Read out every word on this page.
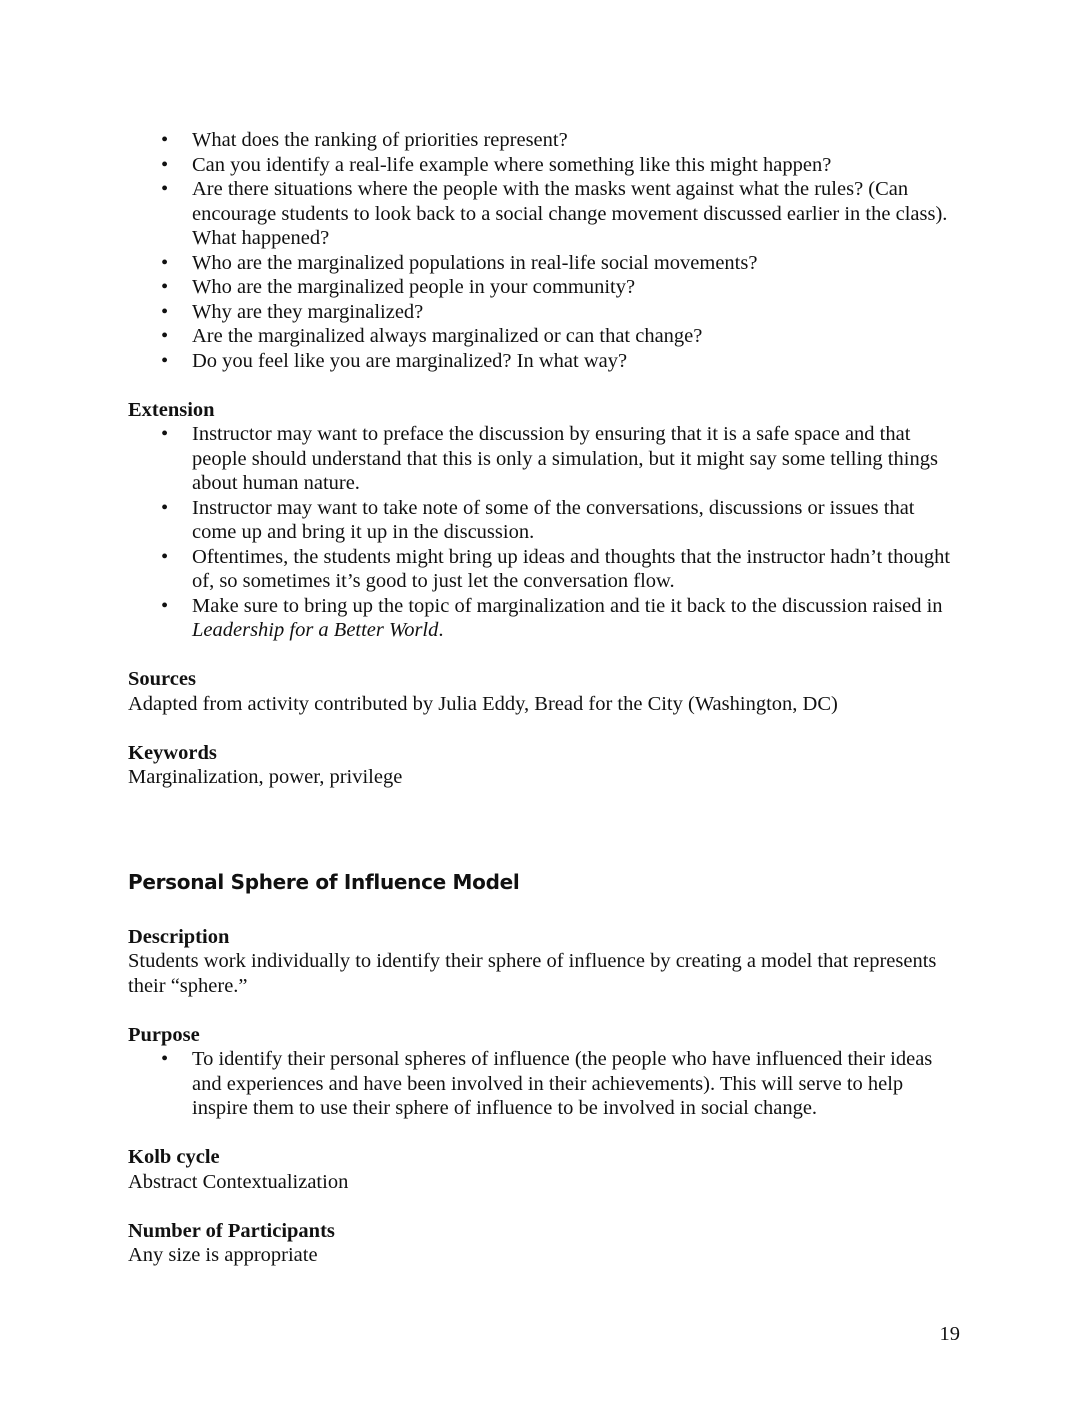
• What does the ranking of priorities represent?
• Can you identify a real-life example where something like this might happen?
• Are there situations where the people with the masks went against what the rules? (Can encourage students to look back to a social change movement discussed earlier in the class). What happened?
• Who are the marginalized populations in real-life social movements?
• Who are the marginalized people in your community?
• Why are they marginalized?
• Are the marginalized always marginalized or can that change?
• Do you feel like you are marginalized? In what way?

Extension

• Instructor may want to preface the discussion by ensuring that it is a safe space and that people should understand that this is only a simulation, but it might say some telling things about human nature.
• Instructor may want to take note of some of the conversations, discussions or issues that come up and bring it up in the discussion.
• Oftentimes, the students might bring up ideas and thoughts that the instructor hadn’t thought of, so sometimes it’s good to just let the conversation flow.
• Make sure to bring up the topic of marginalization and tie it back to the discussion raised in Leadership for a Better World.

Sources

Adapted from activity contributed by Julia Eddy, Bread for the City (Washington, DC)

Keywords

Marginalization, power, privilege

Personal Sphere of Influence Model

Description

Students work individually to identify their sphere of influence by creating a model that represents their “sphere.”

Purpose

• To identify their personal spheres of influence (the people who have influenced their ideas and experiences and have been involved in their achievements). This will serve to help inspire them to use their sphere of influence to be involved in social change.

Kolb cycle

Abstract Contextualization

Number of Participants

Any size is appropriate

19
